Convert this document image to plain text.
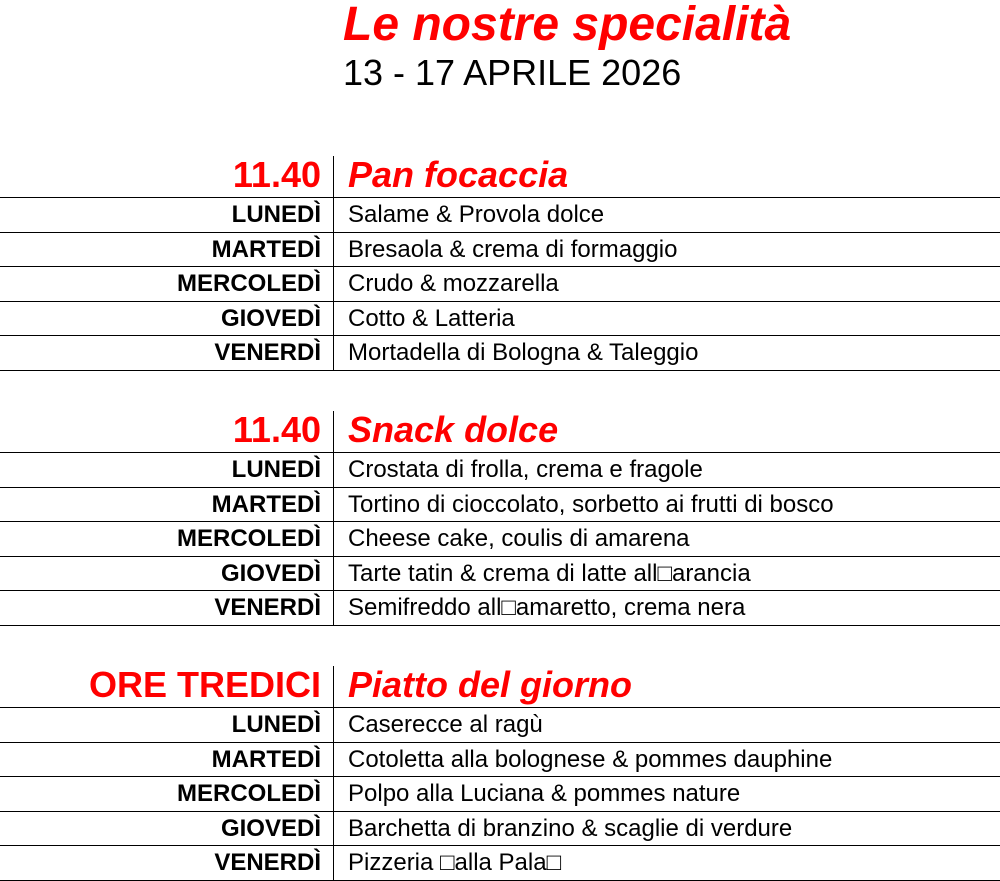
Le nostre specialità

13 - 17 APRILE 2026

11.40 Pan focaccia
LUNEDÌ Salame & Provola dolce
MARTEDÌ Bresaola & crema di formaggio
MERCOLEDÌ Crudo & mozzarella
GIOVEDÌ Cotto & Latteria
VENERDÌ Mortadella di Bologna & Taleggio
11.40 Snack dolce
LUNEDÌ Crostata di frolla, crema e fragole
MARTEDÌ Tortino di cioccolato, sorbetto ai frutti di bosco
MERCOLEDÌ Cheese cake, coulis di amarena
GIOVEDÌ Tarte tatin & crema di latte all□arancia
VENERDÌ Semifreddo all□amaretto, crema nera
ORE TREDICI Piatto del giorno
LUNEDÌ Caserecce al ragù
MARTEDÌ Cotoletta alla bolognese & pommes dauphine
MERCOLEDÌ Polpo alla Luciana & pommes nature
GIOVEDÌ Barchetta di branzino & scaglie di verdure
VENERDÌ Pizzeria □alla Pala□
